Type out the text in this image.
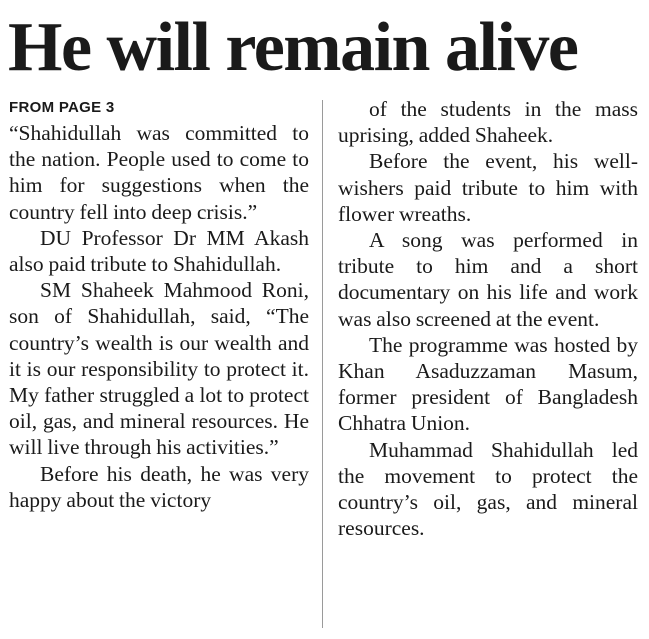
He will remain alive
FROM PAGE 3

“Shahidullah was committed to the nation. People used to come to him for suggestions when the country fell into deep crisis.”

DU Professor Dr MM Akash also paid tribute to Shahidullah.

SM Shaheek Mahmood Roni, son of Shahidullah, said, “The country’s wealth is our wealth and it is our responsibility to protect it. My father struggled a lot to protect oil, gas, and mineral resources. He will live through his activities.”

Before his death, he was very happy about the victory

of the students in the mass uprising, added Shaheek.

Before the event, his well-wishers paid tribute to him with flower wreaths.

A song was performed in tribute to him and a short documentary on his life and work was also screened at the event.

The programme was hosted by Khan Asaduzzaman Masum, former president of Bangladesh Chhatra Union.

Muhammad Shahidullah led the movement to protect the country’s oil, gas, and mineral resources.
